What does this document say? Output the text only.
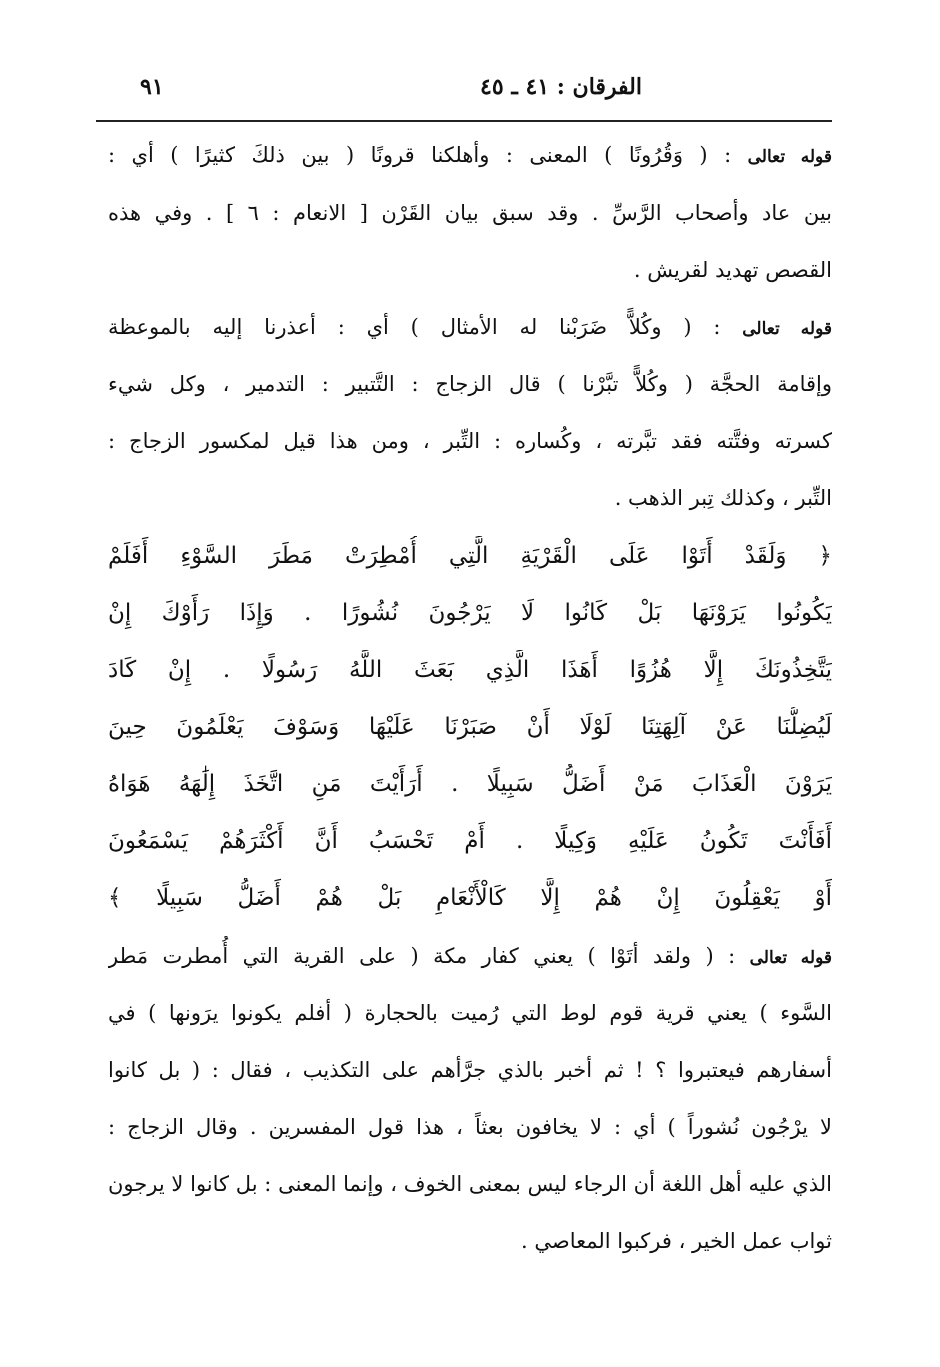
الفرقان : ٤١ ـ ٤٥
٩١
قوله تعالى : ( وَقُرُونًا ) المعنى : وأهلكنا قرونًا ( بين ذلكَ كثيرًا ) أي :
بين عاد وأصحاب الرَّسِّ . وقد سبق بيان القَرْن [ الانعام : ٦ ] . وفي هذه
القصص تهديد لقريش .
قوله تعالى : ( وكُلاًّ ضَرَبْنا له الأمثال ) أي : أعذرنا إليه بالموعظة
وإقامة الحجَّة ( وكُلاًّ تبَّرْنا ) قال الزجاج : التَّتبير : التدمير ، وكل شيء
كسرته وفتَّته فقد تبَّرته ، وكُساره : التِّبر ، ومن هذا قيل لمكسور الزجاج :
التِّبر ، وكذلك تِبر الذهب .
﴿ وَلَقَدْ أَتَوْا عَلَى الْقَرْيَةِ الَّتِي أُمْطِرَتْ مَطَرَ السَّوْءِ أَفَلَمْ
يَكُونُوا يَرَوْنَهَا بَلْ كَانُوا لَا يَرْجُونَ نُشُورًا . وَإِذَا رَأَوْكَ إِنْ
يَتَّخِذُونَكَ إِلَّا هُزُوًا أَهَذَا الَّذِي بَعَثَ اللَّهُ رَسُولًا . إِنْ كَادَ
لَيُضِلُّنَا عَنْ آلِهَتِنَا لَوْلَا أَنْ صَبَرْنَا عَلَيْهَا وَسَوْفَ يَعْلَمُونَ حِينَ
يَرَوْنَ الْعَذَابَ مَنْ أَضَلُّ سَبِيلًا . أَرَأَيْتَ مَنِ اتَّخَذَ إِلَٰهَهُ هَوَاهُ
أَفَأَنْتَ تَكُونُ عَلَيْهِ وَكِيلًا . أَمْ تَحْسَبُ أَنَّ أَكْثَرَهُمْ يَسْمَعُونَ
أَوْ يَعْقِلُونَ إِنْ هُمْ إِلَّا كَالْأَنْعَامِ بَلْ هُمْ أَضَلُّ سَبِيلًا ﴾
قوله تعالى : ( ولقد أتَوْا ) يعني كفار مكة ( على القرية التي أُمطرت مَطر
السَّوء ) يعني قرية قوم لوط التي رُميت بالحجارة ( أفلم يكونوا يرَونها ) في
أسفارهم فيعتبروا ؟ ! ثم أخبر بالذي جرَّأهم على التكذيب ، فقال : ( بل كانوا
لا يرْجُون نُشوراً ) أي : لا يخافون بعثاً ، هذا قول المفسرين . وقال الزجاج :
الذي عليه أهل اللغة أن الرجاء ليس بمعنى الخوف ، وإنما المعنى : بل كانوا لا يرجون
ثواب عمل الخير ، فركبوا المعاصي .
